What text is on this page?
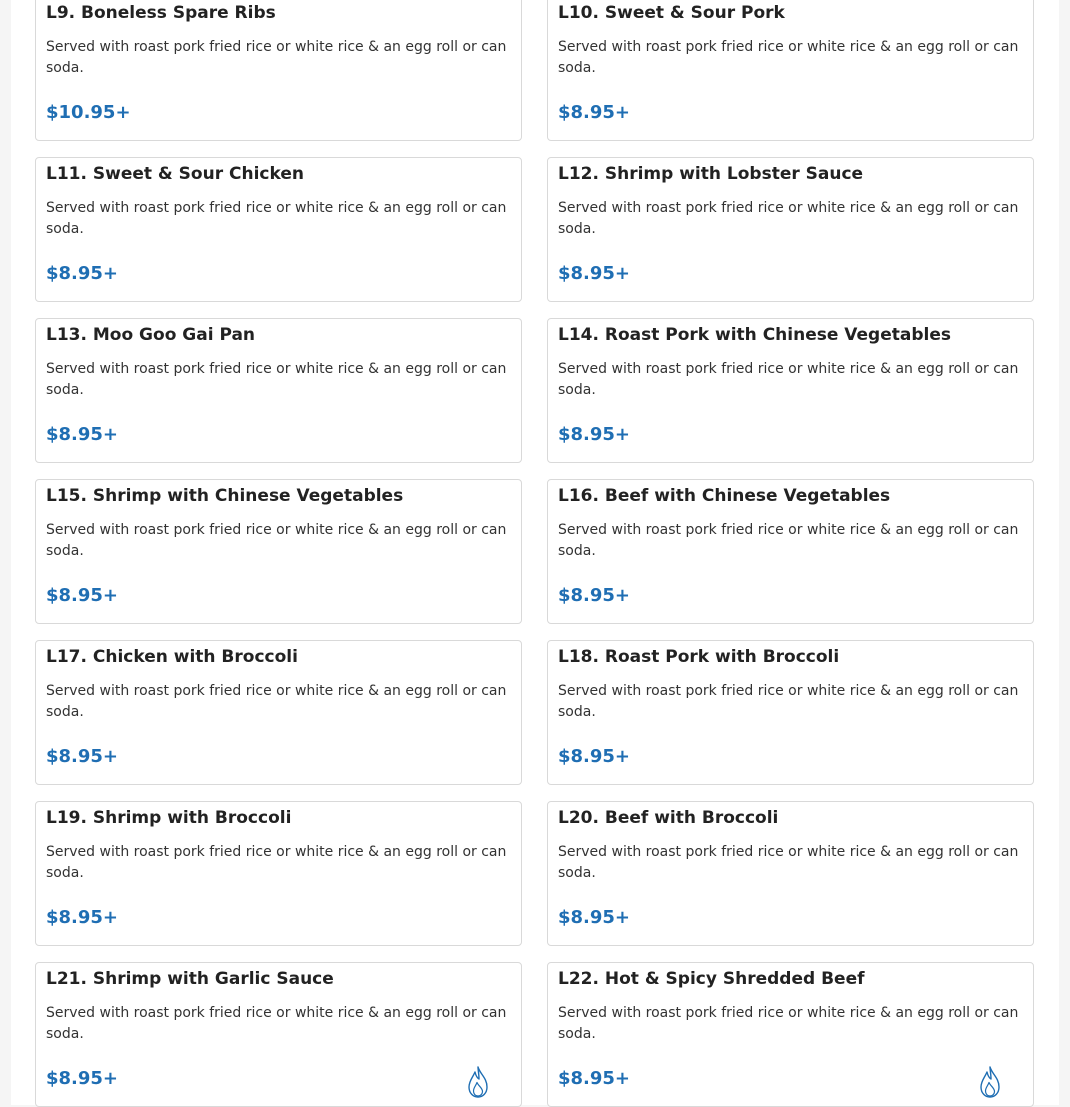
L9. Boneless Spare Ribs

Served with roast pork fried rice or white rice & an egg roll or can soda.

$10.95+
L10. Sweet & Sour Pork

Served with roast pork fried rice or white rice & an egg roll or can soda.

$8.95+
L11. Sweet & Sour Chicken

Served with roast pork fried rice or white rice & an egg roll or can soda.

$8.95+
L12. Shrimp with Lobster Sauce

Served with roast pork fried rice or white rice & an egg roll or can soda.

$8.95+
L13. Moo Goo Gai Pan

Served with roast pork fried rice or white rice & an egg roll or can soda.

$8.95+
L14. Roast Pork with Chinese Vegetables

Served with roast pork fried rice or white rice & an egg roll or can soda.

$8.95+
L15. Shrimp with Chinese Vegetables

Served with roast pork fried rice or white rice & an egg roll or can soda.

$8.95+
L16. Beef with Chinese Vegetables

Served with roast pork fried rice or white rice & an egg roll or can soda.

$8.95+
L17. Chicken with Broccoli

Served with roast pork fried rice or white rice & an egg roll or can soda.

$8.95+
L18. Roast Pork with Broccoli

Served with roast pork fried rice or white rice & an egg roll or can soda.

$8.95+
L19. Shrimp with Broccoli

Served with roast pork fried rice or white rice & an egg roll or can soda.

$8.95+
L20. Beef with Broccoli

Served with roast pork fried rice or white rice & an egg roll or can soda.

$8.95+
L21. Shrimp with Garlic Sauce

Served with roast pork fried rice or white rice & an egg roll or can soda.

$8.95+
L22. Hot & Spicy Shredded Beef

Served with roast pork fried rice or white rice & an egg roll or can soda.

$8.95+
